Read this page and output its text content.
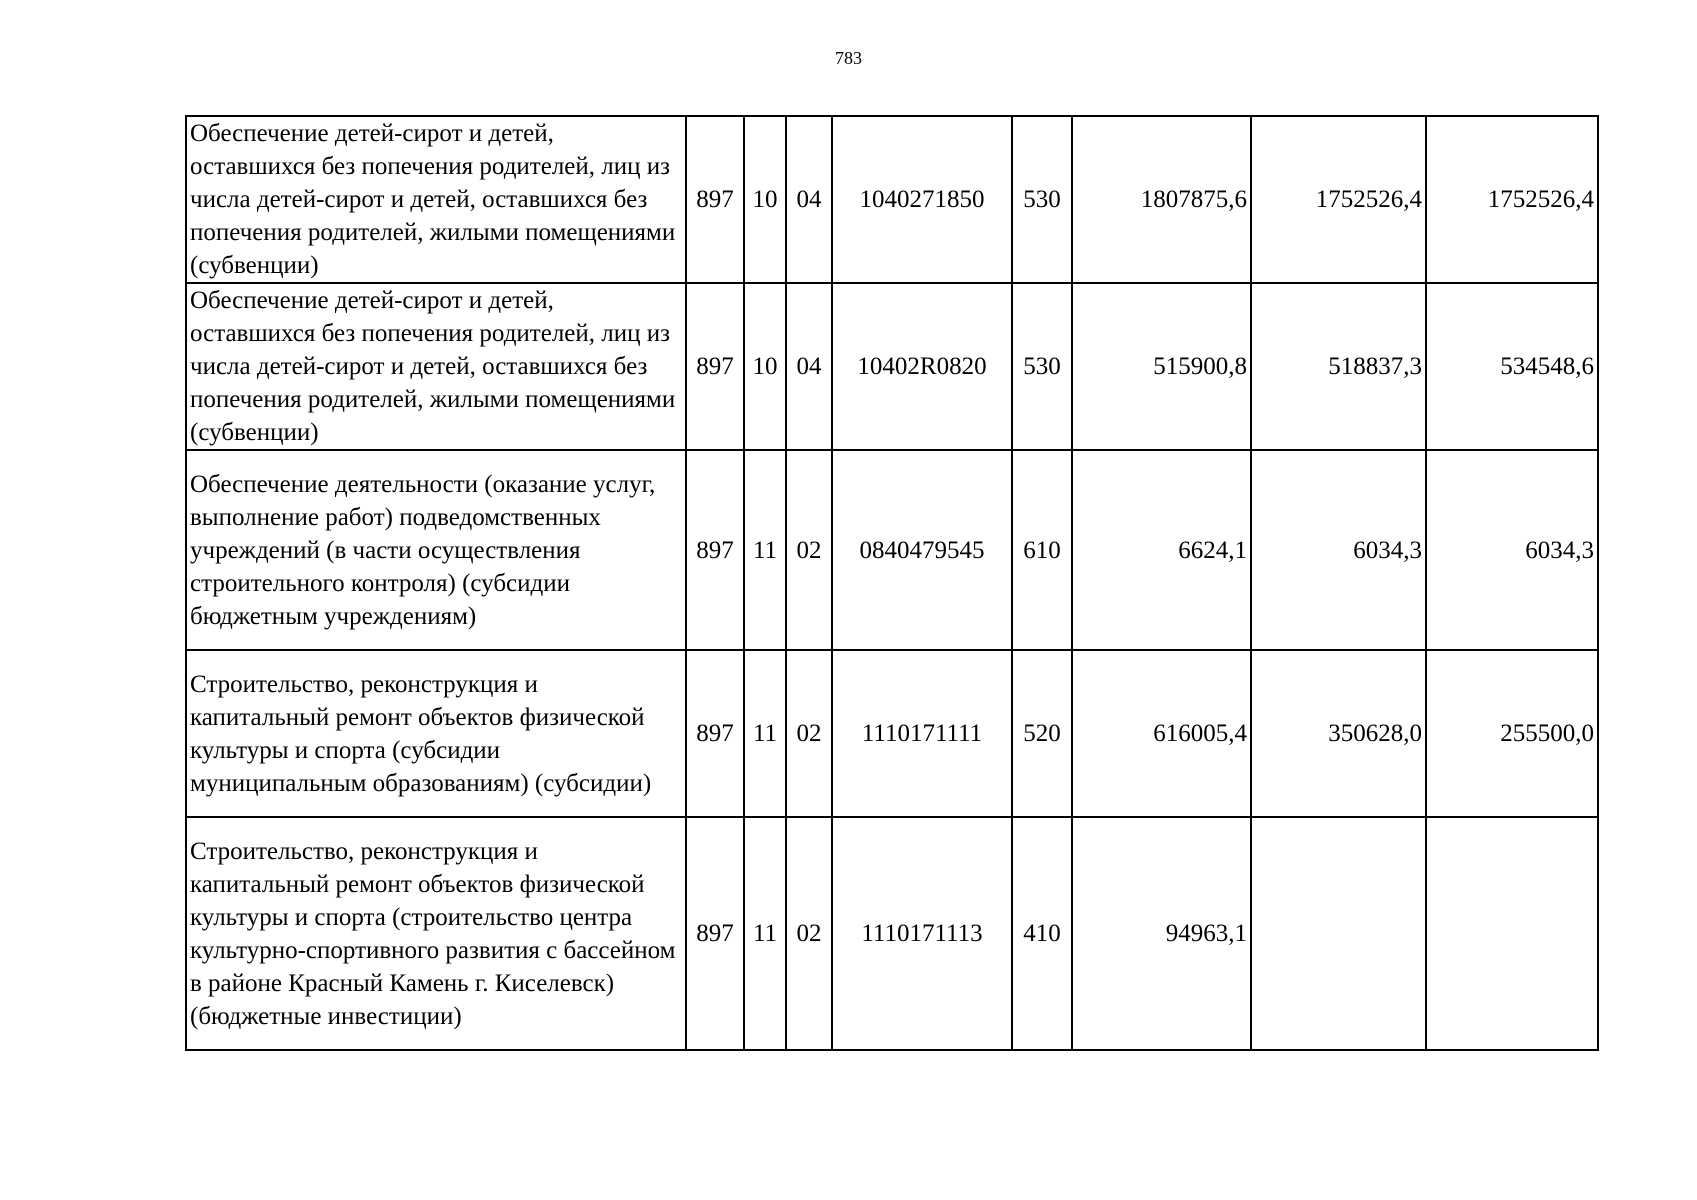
783
Обеспечение детей-сирот и детей, оставшихся без попечения родителей, лиц из числа детей-сирот и детей, оставшихся без попечения родителей, жилыми помещениями (субвенции)	897	10	04	1040271850	530	1807875,6	1752526,4	1752526,4
Обеспечение детей-сирот и детей, оставшихся без попечения родителей, лиц из числа детей-сирот и детей, оставшихся без попечения родителей, жилыми помещениями (субвенции)	897	10	04	10402R0820	530	515900,8	518837,3	534548,6
Обеспечение деятельности (оказание услуг, выполнение работ) подведомственных учреждений (в части осуществления строительного контроля) (субсидии бюджетным учреждениям)	897	11	02	0840479545	610	6624,1	6034,3	6034,3
Строительство, реконструкция и капитальный ремонт объектов физической культуры и спорта (субсидии муниципальным образованиям) (субсидии)	897	11	02	1110171111	520	616005,4	350628,0	255500,0
Строительство, реконструкция и капитальный ремонт объектов физической культуры и спорта (строительство центра культурно-спортивного развития с бассейном в районе Красный Камень г. Киселевск) (бюджетные инвестиции)	897	11	02	1110171113	410	94963,1		
